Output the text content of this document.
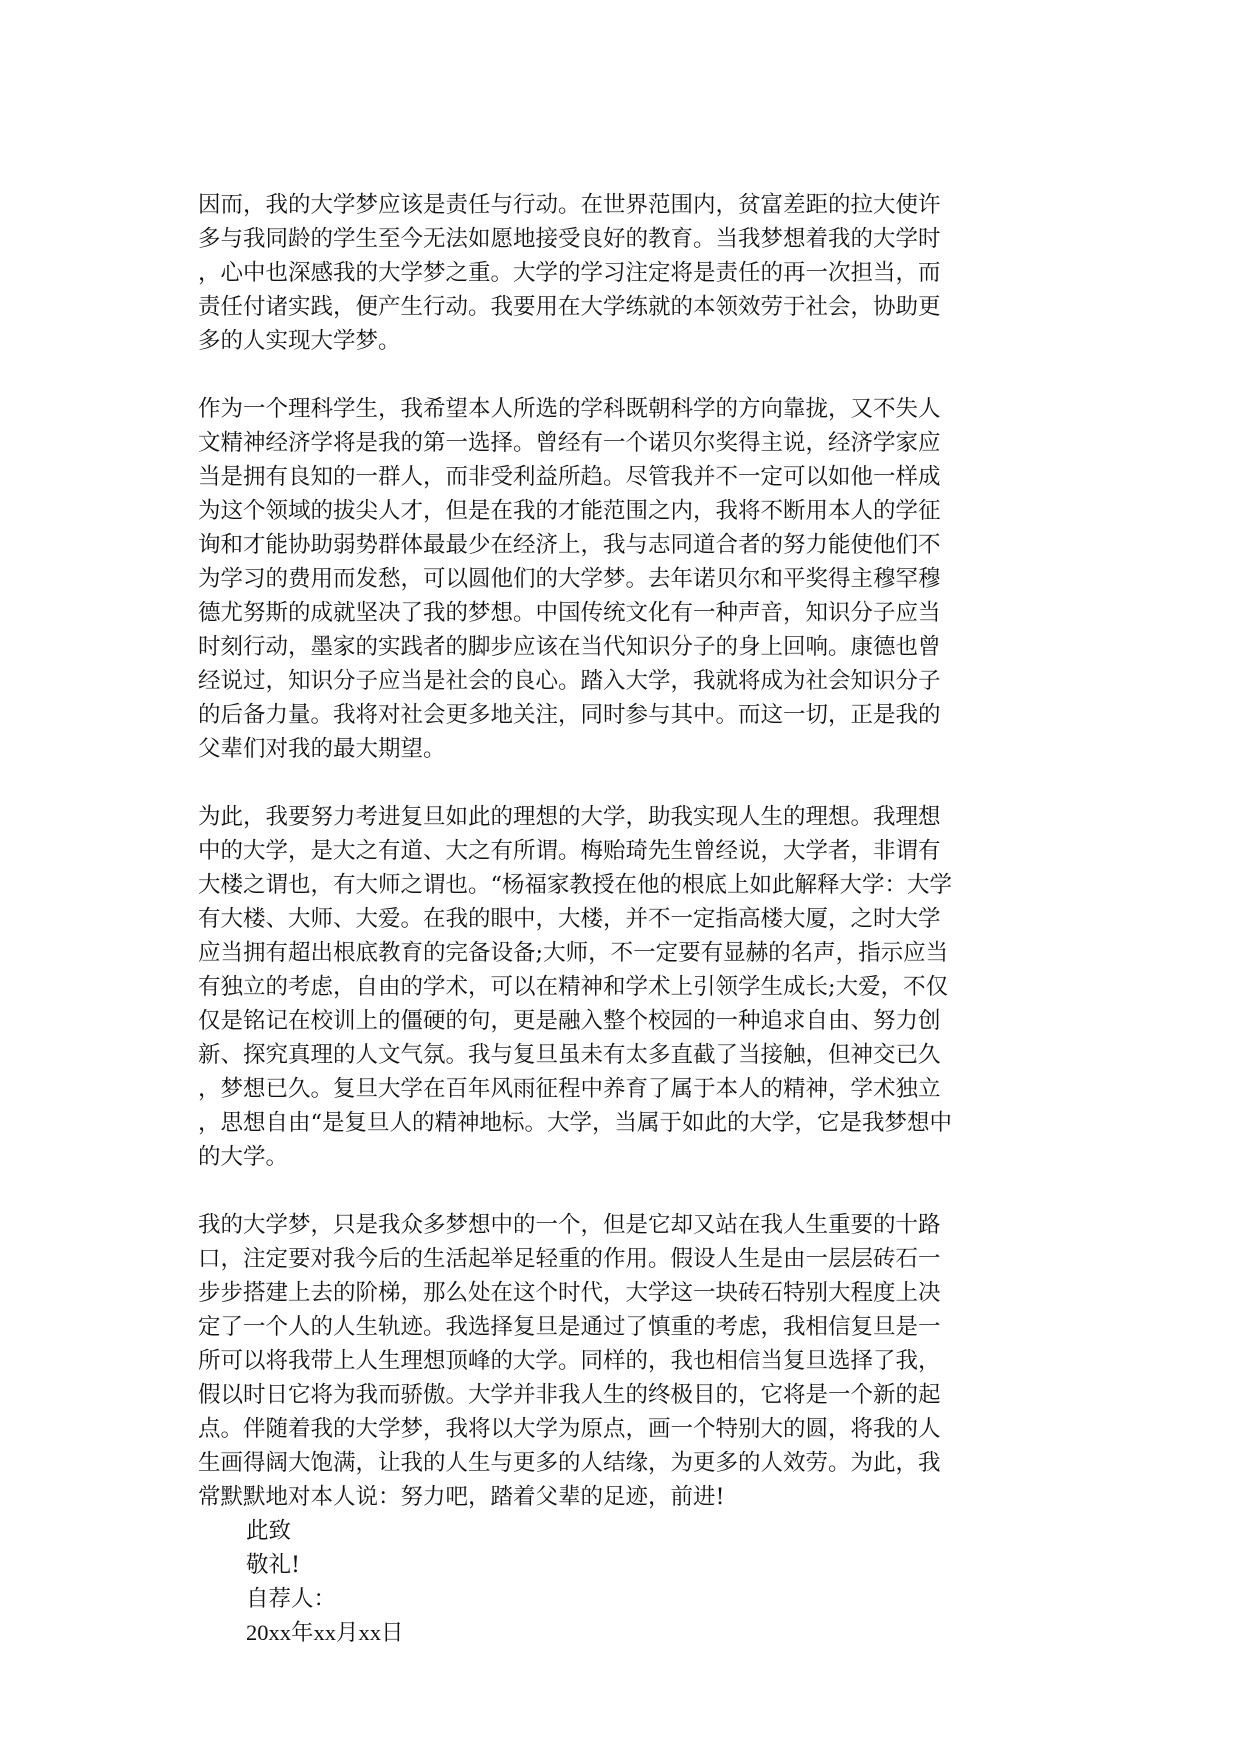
因而，我的大学梦应该是责任与行动。在世界范围内，贫富差距的拉大使许
多与我同龄的学生至今无法如愿地接受良好的教育。当我梦想着我的大学时
，心中也深感我的大学梦之重。大学的学习注定将是责任的再一次担当，而
责任付诸实践，便产生行动。我要用在大学练就的本领效劳于社会，协助更
多的人实现大学梦。
作为一个理科学生，我希望本人所选的学科既朝科学的方向靠拢，又不失人
文精神经济学将是我的第一选择。曾经有一个诺贝尔奖得主说，经济学家应
当是拥有良知的一群人，而非受利益所趋。尽管我并不一定可以如他一样成
为这个领域的拔尖人才，但是在我的才能范围之内，我将不断用本人的学征
询和才能协助弱势群体最最少在经济上，我与志同道合者的努力能使他们不
为学习的费用而发愁，可以圆他们的大学梦。去年诺贝尔和平奖得主穆罕穆
德尤努斯的成就坚决了我的梦想。中国传统文化有一种声音，知识分子应当
时刻行动，墨家的实践者的脚步应该在当代知识分子的身上回响。康德也曾
经说过，知识分子应当是社会的良心。踏入大学，我就将成为社会知识分子
的后备力量。我将对社会更多地关注，同时参与其中。而这一切，正是我的
父辈们对我的最大期望。
为此，我要努力考进复旦如此的理想的大学，助我实现人生的理想。我理想
中的大学，是大之有道、大之有所谓。梅贻琦先生曾经说，大学者，非谓有
大楼之谓也，有大师之谓也。“杨福家教授在他的根底上如此解释大学：大学
有大楼、大师、大爱。在我的眼中，大楼，并不一定指高楼大厦，之时大学
应当拥有超出根底教育的完备设备;大师，不一定要有显赫的名声，指示应当
有独立的考虑，自由的学术，可以在精神和学术上引领学生成长;大爱，不仅
仅是铭记在校训上的僵硬的句，更是融入整个校园的一种追求自由、努力创
新、探究真理的人文气氛。我与复旦虽未有太多直截了当接触，但神交已久
，梦想已久。复旦大学在百年风雨征程中养育了属于本人的精神，学术独立
，思想自由“是复旦人的精神地标。大学，当属于如此的大学，它是我梦想中
的大学。
我的大学梦，只是我众多梦想中的一个，但是它却又站在我人生重要的十路
口，注定要对我今后的生活起举足轻重的作用。假设人生是由一层层砖石一
步步搭建上去的阶梯，那么处在这个时代，大学这一块砖石特别大程度上决
定了一个人的人生轨迹。我选择复旦是通过了慎重的考虑，我相信复旦是一
所可以将我带上人生理想顶峰的大学。同样的，我也相信当复旦选择了我，
假以时日它将为我而骄傲。大学并非我人生的终极目的，它将是一个新的起
点。伴随着我的大学梦，我将以大学为原点，画一个特别大的圆，将我的人
生画得阔大饱满，让我的人生与更多的人结缘，为更多的人效劳。为此，我
常默默地对本人说：努力吧，踏着父辈的足迹，前进!
此致
敬礼!
自荐人：
20xx年xx月xx日
